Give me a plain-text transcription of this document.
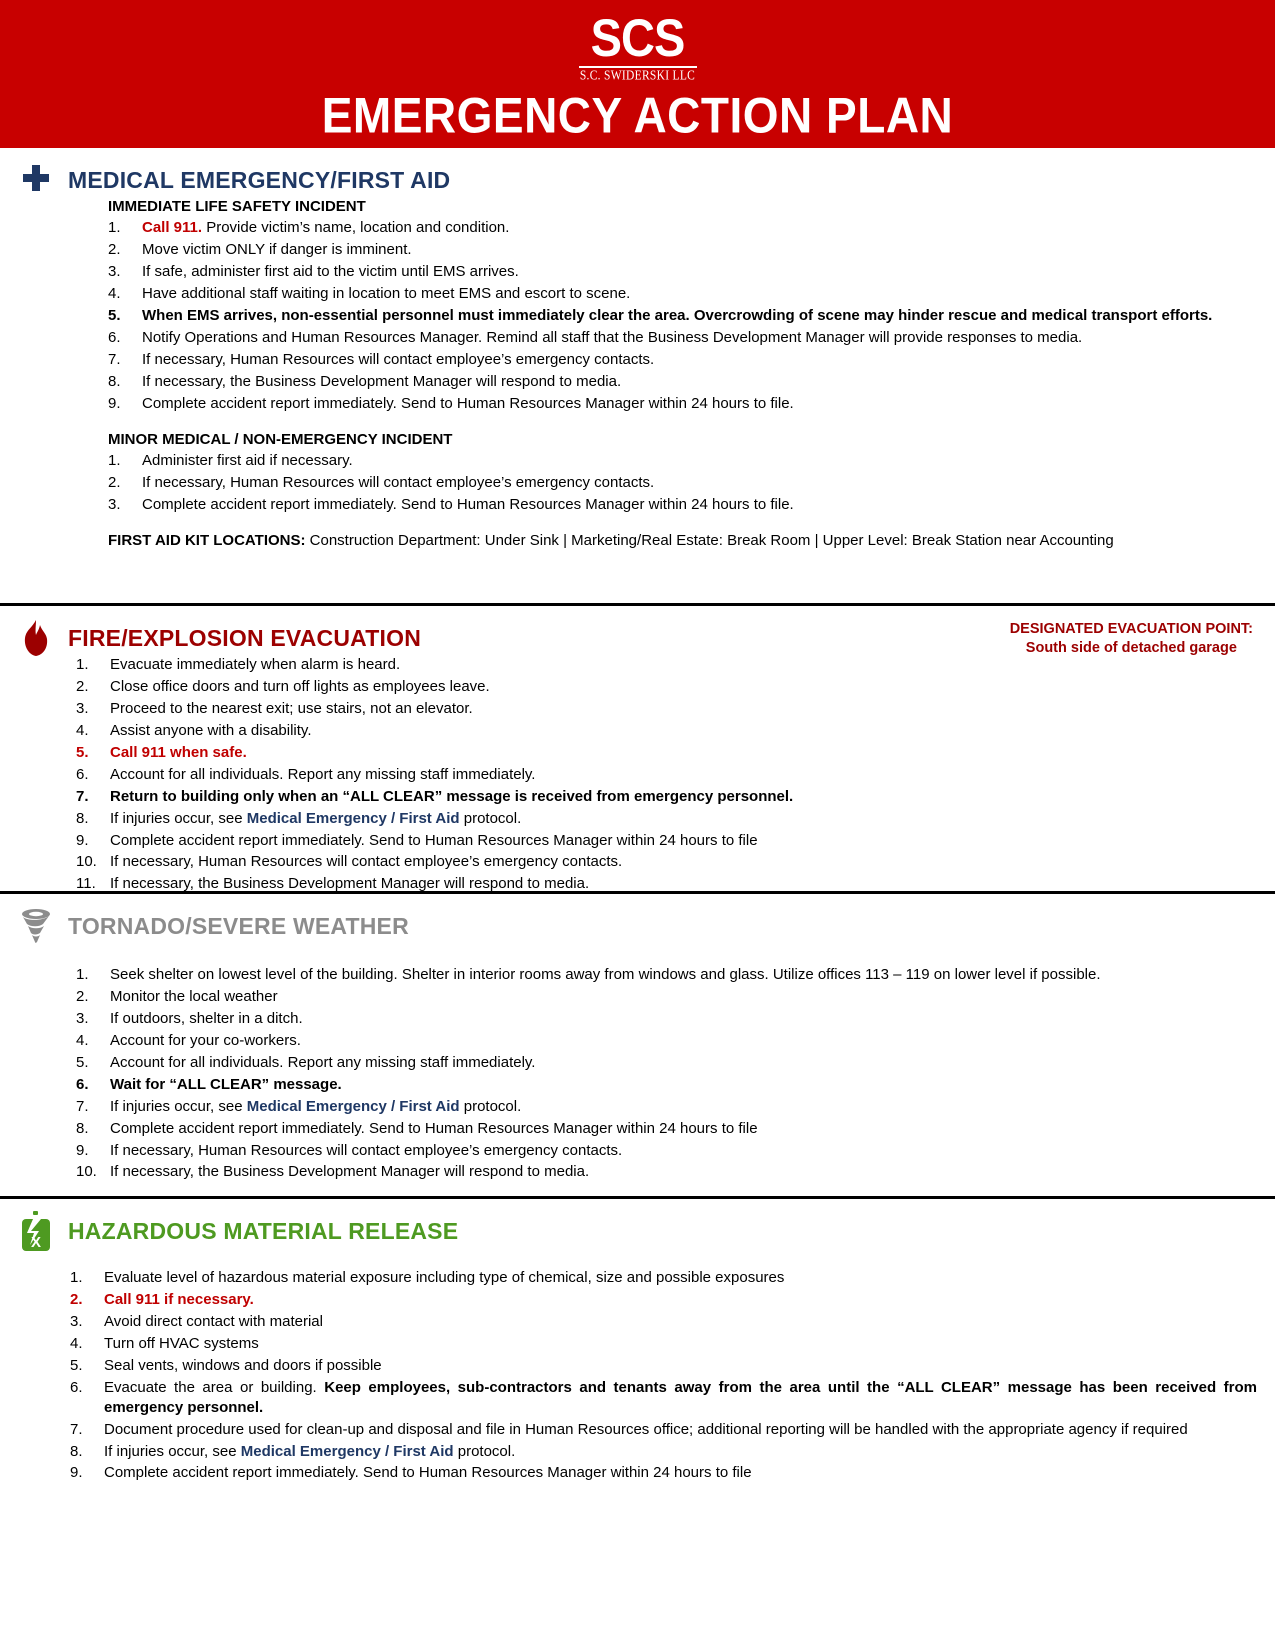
SCS
S.C. SWIDERSKI LLC
EMERGENCY ACTION PLAN
CORPORATE OFFICE: S.C. SWIDERSKI, LLC | 401 RANGER STREET, MOSINEE, WI 54455 | 715-693-9522
MEDICAL EMERGENCY/FIRST AID
IMMEDIATE LIFE SAFETY INCIDENT
1.	Call 911. Provide victim’s name, location and condition.
2.	Move victim ONLY if danger is imminent.
3.	If safe, administer first aid to the victim until EMS arrives.
4.	Have additional staff waiting in location to meet EMS and escort to scene.
5.	When EMS arrives, non-essential personnel must immediately clear the area. Overcrowding of scene may hinder rescue and medical transport efforts.
6.	Notify Operations and Human Resources Manager. Remind all staff that the Business Development Manager will provide responses to media.
7.	If necessary, Human Resources will contact employee’s emergency contacts.
8.	If necessary, the Business Development Manager will respond to media.
9.	Complete accident report immediately. Send to Human Resources Manager within 24 hours to file.
MINOR MEDICAL / NON-EMERGENCY INCIDENT
1.	Administer first aid if necessary.
2.	If necessary, Human Resources will contact employee’s emergency contacts.
3.	Complete accident report immediately. Send to Human Resources Manager within 24 hours to file.
FIRST AID KIT LOCATIONS: Construction Department: Under Sink | Marketing/Real Estate: Break Room | Upper Level: Break Station near Accounting
DESIGNATED EVACUATION POINT:
South side of detached garage
FIRE/EXPLOSION EVACUATION
1.	Evacuate immediately when alarm is heard.
2.	Close office doors and turn off lights as employees leave.
3.	Proceed to the nearest exit; use stairs, not an elevator.
4.	Assist anyone with a disability.
5.	Call 911 when safe.
6.	Account for all individuals. Report any missing staff immediately.
7.	Return to building only when an “ALL CLEAR” message is received from emergency personnel.
8.	If injuries occur, see Medical Emergency / First Aid protocol.
9.	Complete accident report immediately. Send to Human Resources Manager within 24 hours to file
10. If necessary, Human Resources will contact employee’s emergency contacts.
11. If necessary, the Business Development Manager will respond to media.
TORNADO/SEVERE WEATHER
1.	Seek shelter on lowest level of the building. Shelter in interior rooms away from windows and glass. Utilize offices 113 – 119 on lower level if possible.
2.	Monitor the local weather
3.	If outdoors, shelter in a ditch.
4.	Account for your co-workers.
5.	Account for all individuals. Report any missing staff immediately.
6.	Wait for “ALL CLEAR” message.
7.	If injuries occur, see Medical Emergency / First Aid protocol.
8.	Complete accident report immediately. Send to Human Resources Manager within 24 hours to file
9.	If necessary, Human Resources will contact employee’s emergency contacts.
10. If necessary, the Business Development Manager will respond to media.
X HAZARDOUS MATERIAL RELEASE
1.	Evaluate level of hazardous material exposure including type of chemical, size and possible exposures
2.	Call 911 if necessary.
3.	Avoid direct contact with material
4.	Turn off HVAC systems
5.	Seal vents, windows and doors if possible
6.	Evacuate the area or building. Keep employees, sub-contractors and tenants away from the area until the “ALL CLEAR” message has been received from emergency personnel.
7.	Document procedure used for clean-up and disposal and file in Human Resources office; additional reporting will be handled with the appropriate agency if required
8.	If injuries occur, see Medical Emergency / First Aid protocol.
9.	Complete accident report immediately. Send to Human Resources Manager within 24 hours to file
